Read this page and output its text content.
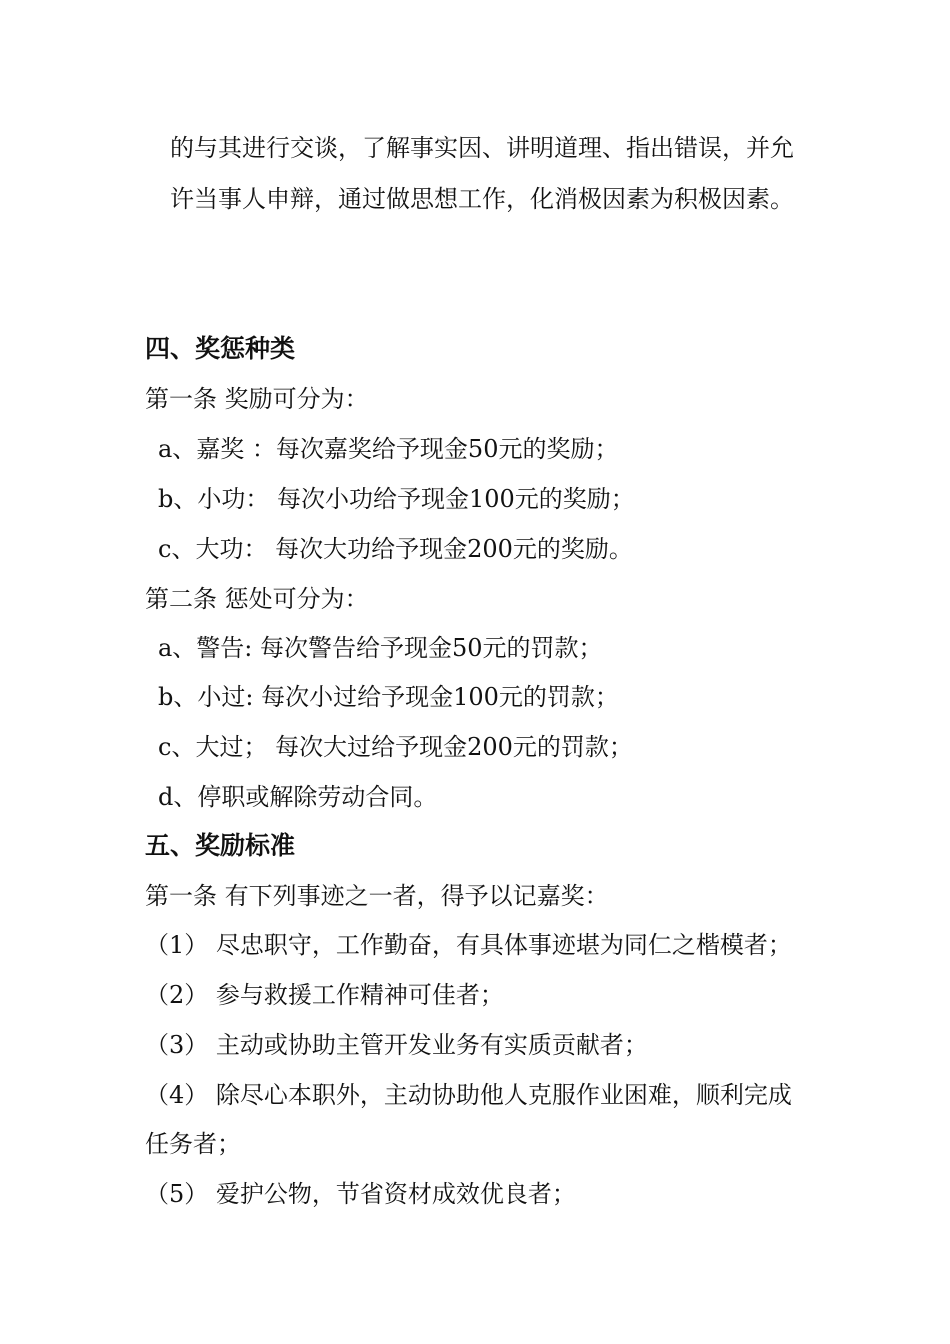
的与其进行交谈，了解事实因、讲明道理、指出错误，并允
许当事人申辩，通过做思想工作，化消极因素为积极因素。
四、奖惩种类
第一条 奖励可分为：
a、嘉奖 ：每次嘉奖给予现金50元的奖励；
b、小功： 每次小功给予现金100元的奖励；
c、大功： 每次大功给予现金200元的奖励。
第二条 惩处可分为：
a、警告: 每次警告给予现金50元的罚款；
b、小过: 每次小过给予现金100元的罚款；
c、大过； 每次大过给予现金200元的罚款；
d、停职或解除劳动合同。
五、奖励标准
第一条 有下列事迹之一者，得予以记嘉奖：
（1） 尽忠职守，工作勤奋，有具体事迹堪为同仁之楷模者；
（2） 参与救援工作精神可佳者；
（3） 主动或协助主管开发业务有实质贡献者；
（4） 除尽心本职外，主动协助他人克服作业困难，顺利完成
任务者；
（5） 爱护公物，节省资材成效优良者；
